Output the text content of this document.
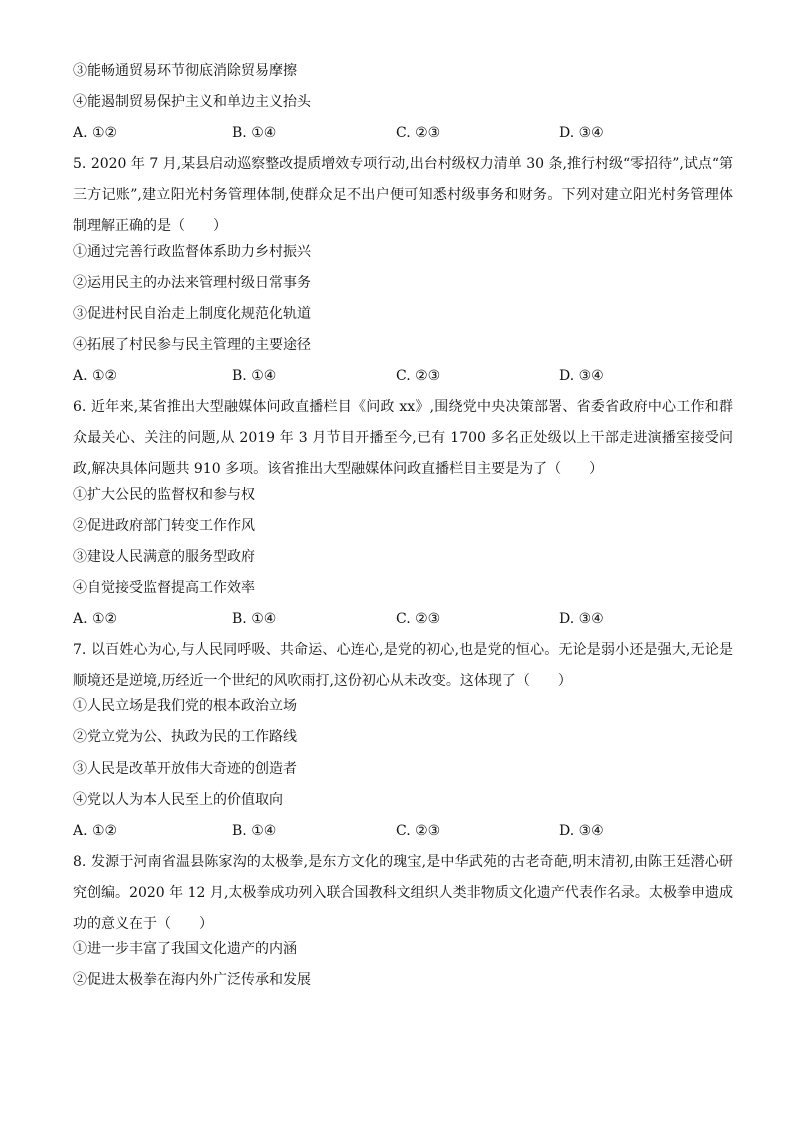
③能畅通贸易环节彻底消除贸易摩擦
④能遏制贸易保护主义和单边主义抬头
A. ①②	B. ①④	C. ②③	D. ③④
5. 2020 年 7 月,某县启动巡察整改提质增效专项行动,出台村级权力清单 30 条,推行村级“零招待”,试点“第三方记账”,建立阳光村务管理体制,使群众足不出户便可知悉村级事务和财务。下列对建立阳光村务管理体制理解正确的是（　　）
①通过完善行政监督体系助力乡村振兴
②运用民主的办法来管理村级日常事务
③促进村民自治走上制度化规范化轨道
④拓展了村民参与民主管理的主要途径
A. ①②	B. ①④	C. ②③	D. ③④
6. 近年来,某省推出大型融媒体问政直播栏目《问政 xx》,围绕党中央决策部署、省委省政府中心工作和群众最关心、关注的问题,从 2019 年 3 月节目开播至今,已有 1700 多名正处级以上干部走进演播室接受问政,解决具体问题共 910 多项。该省推出大型融媒体问政直播栏目主要是为了（　　）
①扩大公民的监督权和参与权
②促进政府部门转变工作作风
③建设人民满意的服务型政府
④自觉接受监督提高工作效率
A. ①②	B. ①④	C. ②③	D. ③④
7. 以百姓心为心,与人民同呼吸、共命运、心连心,是党的初心,也是党的恒心。无论是弱小还是强大,无论是顺境还是逆境,历经近一个世纪的风吹雨打,这份初心从未改变。这体现了（　　）
①人民立场是我们党的根本政治立场
②党立党为公、执政为民的工作路线
③人民是改革开放伟大奇迹的创造者
④党以人为本人民至上的价值取向
A. ①②	B. ①④	C. ②③	D. ③④
8. 发源于河南省温县陈家沟的太极拳,是东方文化的瑰宝,是中华武苑的古老奇葩,明末清初,由陈王廷潜心研究创编。2020 年 12 月,太极拳成功列入联合国教科文组织人类非物质文化遗产代表作名录。太极拳申遗成功的意义在于（　　）
①进一步丰富了我国文化遗产的内涵
②促进太极拳在海内外广泛传承和发展
